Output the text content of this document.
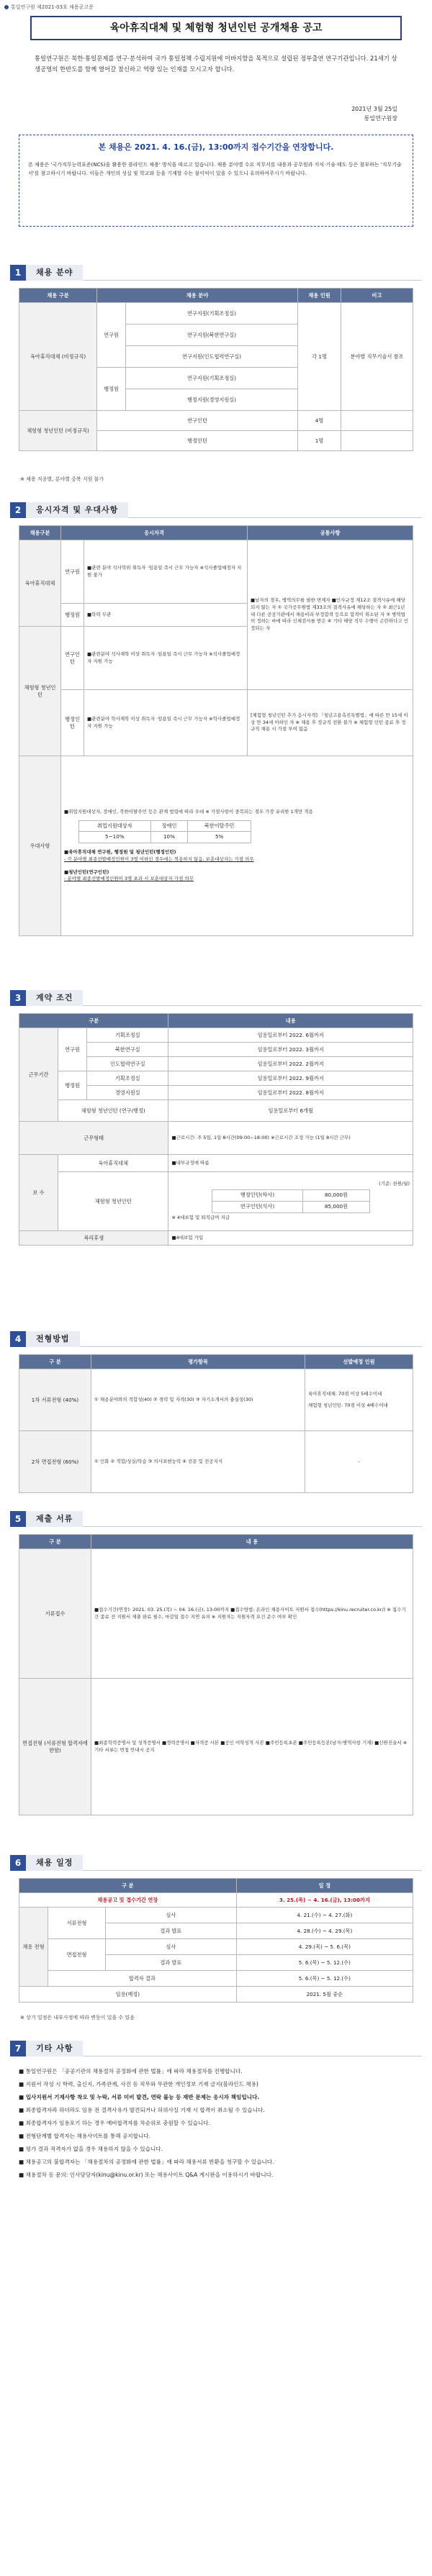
통일연구원 제2021-03호 채용공고문
육아휴직대체 및 체험형 청년인턴 공개채용 공고
통일연구원은 북한·통일문제를 연구·분석하여 국가 통일정책 수립지원에 이바지함을 목적으로 설립된 정부출연 연구기관입니다. 21세기 상생공영의 한반도를 함께 열어갈 참신하고 역량 있는 인재를 모시고자 합니다.
2021년 3월 25일
통일연구원장
본 채용은 2021. 4. 16.(금), 13:00까지 접수기간을 연장합니다.
본 채용은 '국가직무능력표준(NCS)을 활용한 블라인드 채용' 방식을 따르고 있습니다. 채용 분야별 수요 직무서를 내용과 공무원과 지식·기술·태도 등은 참부하는 '직무기술서'를 참고하시기 바랍니다. 이들은 개인의 성실 및 학교와 등을 기재할 수는 불이익이 있을 수 있으니 유의하여주시기 바랍니다.
1	채용 분야
채용 구분	채용 분야		채용 인원	비고
육아휴직대체 (비정규직)	연구원	연구지원(기획조정실)	각 1명	분야별 직무기술서 참조
		연구지원(북한연구실)		
		연구지원(인도협력연구실)		
	행정원	연구지원(기획조정실)		
		행정지원(경영지원실)		
체험형 청년인턴 (비정규직)	연구인턴		4명	
	행정인턴		1명	
※ 채용 직종별, 분야별 중복 지원 불가
2	응시자격 및 우대사항
채용구분	응시자격	공통사항
육아휴직대체	연구원	■관련 분야 석사학위 취득자 ·임용일 즉시 근무 가능자 ※석사졸업예정자 지원 불가	■남자의 경우, 병역의무를 필한 면제자 ■인사규정 제12조 결격사유에 해당되지 않는 자 ① 국가공무원법 제33조의 결격사유에 해당하는 자 ② 최근1년 내 다른 공공기관에서 채용비리·부정합격 등으로 합격이 취소된 자 ③ 병역법의 정하는 바에 따라 신체검사를 받은 ④ 기타 해당 직무 수행이 곤란하다고 인정되는 자
행정원	■학력 무관
체험형 청년인턴	연구인턴	■관련분야 석사재학 이상 취득자 ·임용일 즉시 근무 가능자 ※석사졸업예정자 지원 가능
행정인턴	■관련분야 학사재학 이상 취득자 ·임용일 즉시 근무 가능자 ※학사졸업예정자 지원 가능	[체험형 청년인턴 추가 응시자격] 「청년고용촉진특별법」에 따른 만 15세 이상 만 34세 이하인 자 ※ 채용 후 정규직 전환 불가 ※ 체험형 인턴 종료 후 정규직 채용 시 가점 부여 없음
우대사항	
■취업지원대상자, 장애인, 북한이탈주민 등은 관계 법령에 따라 우대 ※ 가점사항이 중복되는 경우 가장 유리한 1개만 적용
취업지원대상자	장애인	북한이탈주민
5~10%	10%	5%
■육아휴직대체 연구원, 행정원 및 청년인턴(행정인턴)
- 각 분야별 최종선발예정인원이 3명 이하인 경우에는 적용하지 않음, 보훈대상자는 가점 의무
■청년인턴(연구인턴)
- 분야별 최종선발예정인원이 3명 초과 시 보훈대상자 가점 의무
3	계약 조건
구분	내용
근무기간	연구원	기획조정실	임용일로부터 2022. 6월까지
북한연구실	임용일로부터 2022. 3월까지
인도협력연구실	임용일로부터 2022. 2월까지
행정원	기획조정실	임용일로부터 2022. 9월까지
경영지원실	임용일로부터 2022. 8월까지
체험형 청년인턴 (연구/행정)	임용일로부터 6개월
근무형태	■근로시간: 주 5일, 1일 8시간(09:00~18:00) ※근로시간 조정 가능 (1일 8시간 근무)
보 수	육아휴직대체	■내부규정에 따름
체험형 청년인턴	
(기준: 천원/월)
행정인턴(학사)	80,000원
연구인턴(석사)	85,000원
※ 4대보험 및 퇴직급여 지급

복리후생	■4대보험 가입
4	전형방법
구 분	평가항목	선발예정 인원
1차 서류전형 (40%)	① 채용분야와의 적합성(40) ② 경력 및 자격(30) ③ 자기소개서의 충실성(30)	육아휴직대체: 70점 이상 5배수이내
체험형 청년인턴: 70점 이상 4배수이내

2차 면접전형 (60%)	① 인화 ② 적합/성실/학습 ③ 의사표현능력 ④ 전문 및 전공지식	-
5	제출 서류
구 분	내 용
서류접수	■접수기간(연장): 2021. 03. 25.(목) ~ 04. 16.(금), 13:00까지 ■접수방법: 온라인 채용사이트 지원서 접수(https://kinu.recruiter.co.kr/) ※ 접수기간 종료 전 지원서 제출 완료 필수, 마감일 접수 지연 유의 ※ 지원자는 지원자격 요건 준수 여부 확인
면접전형 (서류전형 합격자에 한함)	■최종학력증명서 및 성적증명서 ■경력증명서 ■자격증 사본 ■공인 어학성적 사본 ■주민등록초본 ■주민등록등본(남자:병역사항 기재) ■신원진술서 ※ 기타 서류는 면접 안내시 공지
6	채용 일정
구 분			일 정
채용공고 및 접수기간 연장			3. 25.(목) ~ 4. 16.(금), 13:00까지
채용 전형	서류전형	심사	4. 21.(수) ~ 4. 27.(화)
		결과 발표	4. 28.(수) ~ 4. 29.(목)
	면접전형	심사	4. 29.(목) ~ 5. 6.(목)
		결과 발표	5. 6.(목) ~ 5. 12.(수)
	합격자 결과		5. 6.(목) ~ 5. 12.(수)
임용(예정)			2021. 5월 중순
※ 상기 일정은 내부사정에 따라 변동이 있을 수 있음
7	기타 사항

■ 통일연구원은 「공공기관의 채용절차 공정화에 관한 법률」에 따라 채용절차를 진행합니다.

■ 지원서 작성 시 학력, 출신지, 가족관계, 사진 등 직무와 무관한 개인정보 기재 금지(블라인드 채용)

■ 입사지원서 기재사항 착오 및 누락, 서류 미비 발견, 연락 불능 등 재반 문제는 응시자 책임입니다.

■ 최종합격자라 하더라도 임용 전 결격사유가 발견되거나 허위사실 기재 시 합격이 취소될 수 있습니다.

■ 최종합격자가 임용포기 하는 경우 예비합격자를 차순위로 충원할 수 있습니다.

■ 전형단계별 합격자는 채용사이트를 통해 공지합니다.

■ 평가 결과 적격자가 없을 경우 채용하지 않을 수 있습니다.

■ 채용공고의 불합격자는 「채용절차의 공정화에 관한 법률」에 따라 채용서류 반환을 청구할 수 있습니다.

■ 채용절차 등 문의: 인사담당자(kinu@kinu.or.kr) 또는 채용사이트 Q&A 게시판을 이용하시기 바랍니다.
